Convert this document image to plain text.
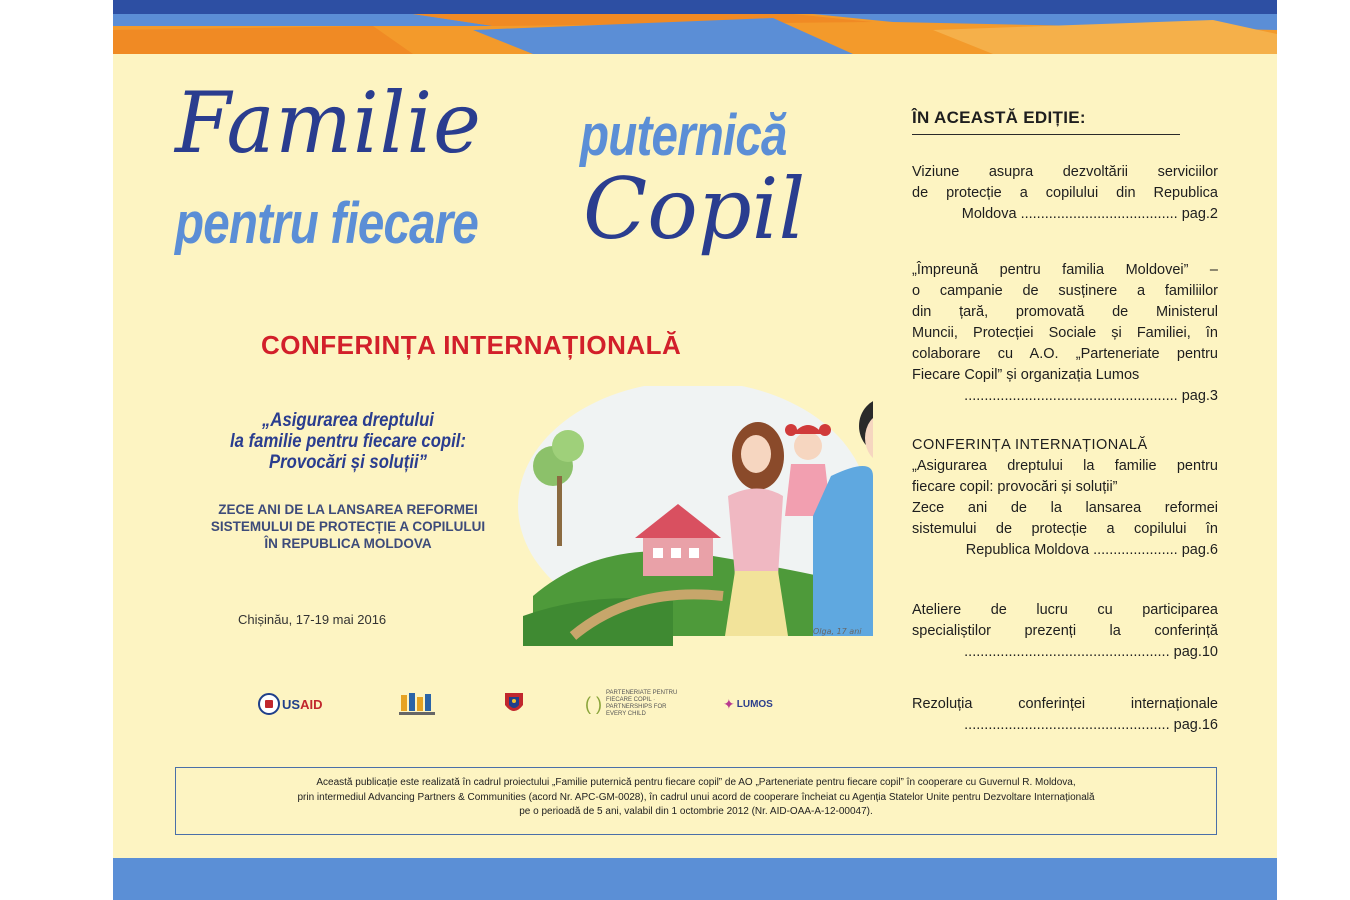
Familie puternică
pentru fiecare Copil
CONFERINȚA INTERNAȚIONALĂ
„Asigurarea dreptului
la familie pentru fiecare copil:
Provocări și soluții”
ZECE ANI DE LA LANSAREA REFORMEI
SISTEMULUI DE PROTECȚIE A COPILULUI
ÎN REPUBLICA MOLDOVA
Chișinău, 17-19 mai 2016
Olga, 17 ani
USAID	( )
PARTENERIATE PENTRU FIECARE COPIL · PARTNERSHIPS FOR EVERY CHILD
✦ LUMOS
ÎN ACEASTĂ EDIȚIE:

Viziune asupra dezvoltării serviciilor

de protecție a copilului din Republica

Moldova ....................................... pag.2

„Împreună pentru familia Moldovei” –

o campanie de susținere a familiilor

din țară, promovată de Ministerul

Muncii, Protecției Sociale și Familiei, în

colaborare cu A.O. „Parteneriate pentru

Fiecare Copil” și organizația Lumos

..................................................... pag.3

CONFERINȚA INTERNAȚIONALĂ

„Asigurarea dreptului la familie pentru

fiecare copil: provocări și soluții”

Zece ani de la lansarea reformei

sistemului de protecție a copilului în

Republica Moldova ..................... pag.6

Ateliere de lucru cu participarea

specialiștilor prezenți la conferință

................................................... pag.10

Rezoluția conferinței internaționale

................................................... pag.16

Această publicație este realizată în cadrul proiectului „Familie puternică pentru fiecare copil” de AO „Parteneriate pentru fiecare copil” în cooperare cu Guvernul R. Moldova,
prin intermediul Advancing Partners & Communities (acord Nr. APC-GM-0028), în cadrul unui acord de cooperare încheiat cu Agenția Statelor Unite pentru Dezvoltare Internațională
pe o perioadă de 5 ani, valabil din 1 octombrie 2012 (Nr. AID-OAA-A-12-00047).
